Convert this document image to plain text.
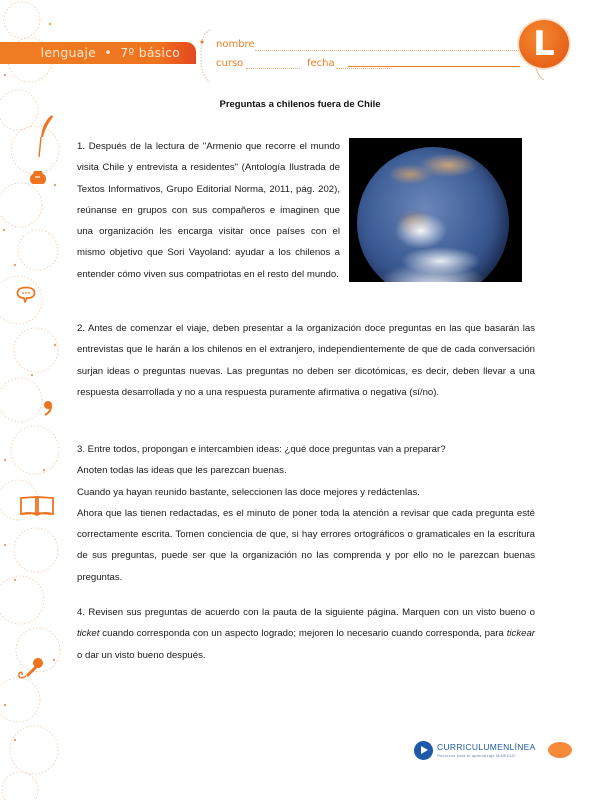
lenguaje  •  7º básico
nombre
curso	fecha	L
Preguntas a chilenos fuera de Chile

1. Después de la lectura de "Armenio que recorre el mundo visita Chile y entrevista a residentes" (Antología Ilustrada de Textos Informativos, Grupo Editorial Norma, 2011, pág. 202), reúnanse en grupos con sus compañeros e imaginen que una organización les encarga visitar once países con el mismo objetivo que Sori Vayoland: ayudar a los chilenos a entender cómo viven sus compatriotas en el resto del mundo.

2. Antes de comenzar el viaje, deben presentar a la organización doce preguntas en las que basarán las entrevistas que le harán a los chilenos en el extranjero, independientemente de que de cada conversación surjan ideas o preguntas nuevas. Las preguntas no deben ser dicotómicas, es decir, deben llevar a una respuesta desarrollada y no a una respuesta puramente afirmativa o negativa (sí/no).

3. Entre todos, propongan e intercambien ideas: ¿qué doce preguntas van a preparar?

Anoten todas las ideas que les parezcan buenas.

Cuando ya hayan reunido bastante, seleccionen las doce mejores y redáctenlas.

Ahora que las tienen redactadas, es el minuto de poner toda la atención a revisar que cada pregunta esté correctamente escrita. Tomen conciencia de que, si hay errores ortográficos o gramaticales en la escritura de sus preguntas, puede ser que la organización no las comprenda y por ello no le parezcan buenas preguntas.

4. Revisen sus preguntas de acuerdo con la pauta de la siguiente página. Marquen con un visto bueno o ticket cuando corresponda con un aspecto logrado; mejoren lo necesario cuando corresponda, para tickear o dar un visto bueno después.

CURRICULUMENLÍNEA
Recursos para el aprendizaje MINEDUC
